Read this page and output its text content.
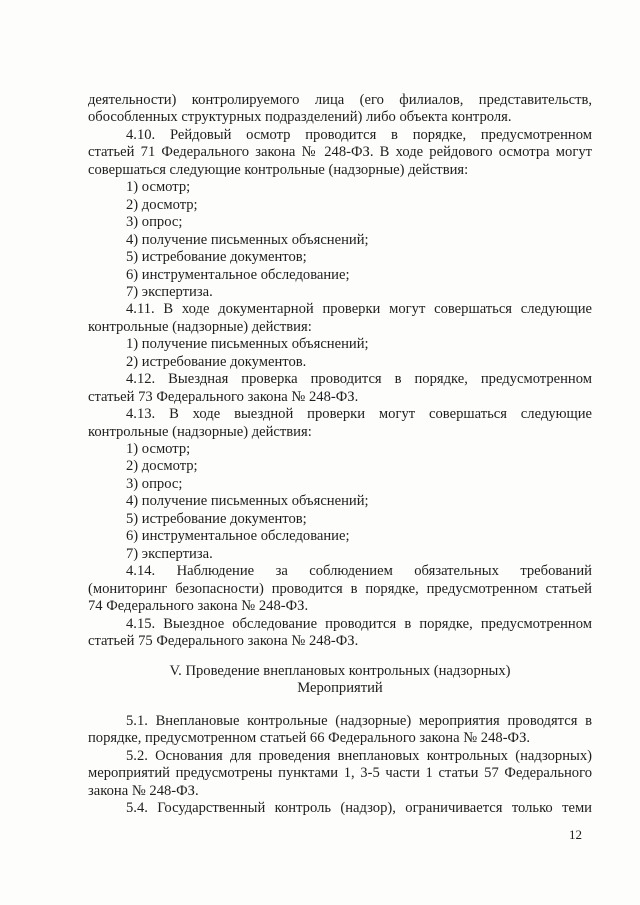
деятельности) контролируемого лица (его филиалов, представительств,

обособленных структурных подразделений) либо объекта контроля.

4.10. Рейдовый осмотр проводится в порядке, предусмотренном

статьей 71 Федерального закона № 248-ФЗ. В ходе рейдового осмотра могут

совершаться следующие контрольные (надзорные) действия:

1) осмотр;

2) досмотр;

3) опрос;

4) получение письменных объяснений;

5) истребование документов;

6) инструментальное обследование;

7) экспертиза.

4.11. В ходе документарной проверки могут совершаться следующие

контрольные (надзорные) действия:

1) получение письменных объяснений;

2) истребование документов.

4.12. Выездная проверка проводится в порядке, предусмотренном

статьей 73 Федерального закона № 248-ФЗ.

4.13. В ходе выездной проверки могут совершаться следующие

контрольные (надзорные) действия:

1) осмотр;

2) досмотр;

3) опрос;

4) получение письменных объяснений;

5) истребование документов;

6) инструментальное обследование;

7) экспертиза.

4.14. Наблюдение за соблюдением обязательных требований

(мониторинг безопасности) проводится в порядке, предусмотренном статьей

74 Федерального закона № 248-ФЗ.

4.15. Выездное обследование проводится в порядке, предусмотренном

статьей 75 Федерального закона № 248-ФЗ.

V. Проведение внеплановых контрольных (надзорных)

Мероприятий

5.1. Внеплановые контрольные (надзорные) мероприятия проводятся в

порядке, предусмотренном статьей 66 Федерального закона № 248-ФЗ.

5.2. Основания для проведения внеплановых контрольных (надзорных)

мероприятий предусмотрены пунктами 1, 3-5 части 1 статьи 57 Федерального

закона № 248-ФЗ.

5.4. Государственный контроль (надзор), ограничивается только теми

12
